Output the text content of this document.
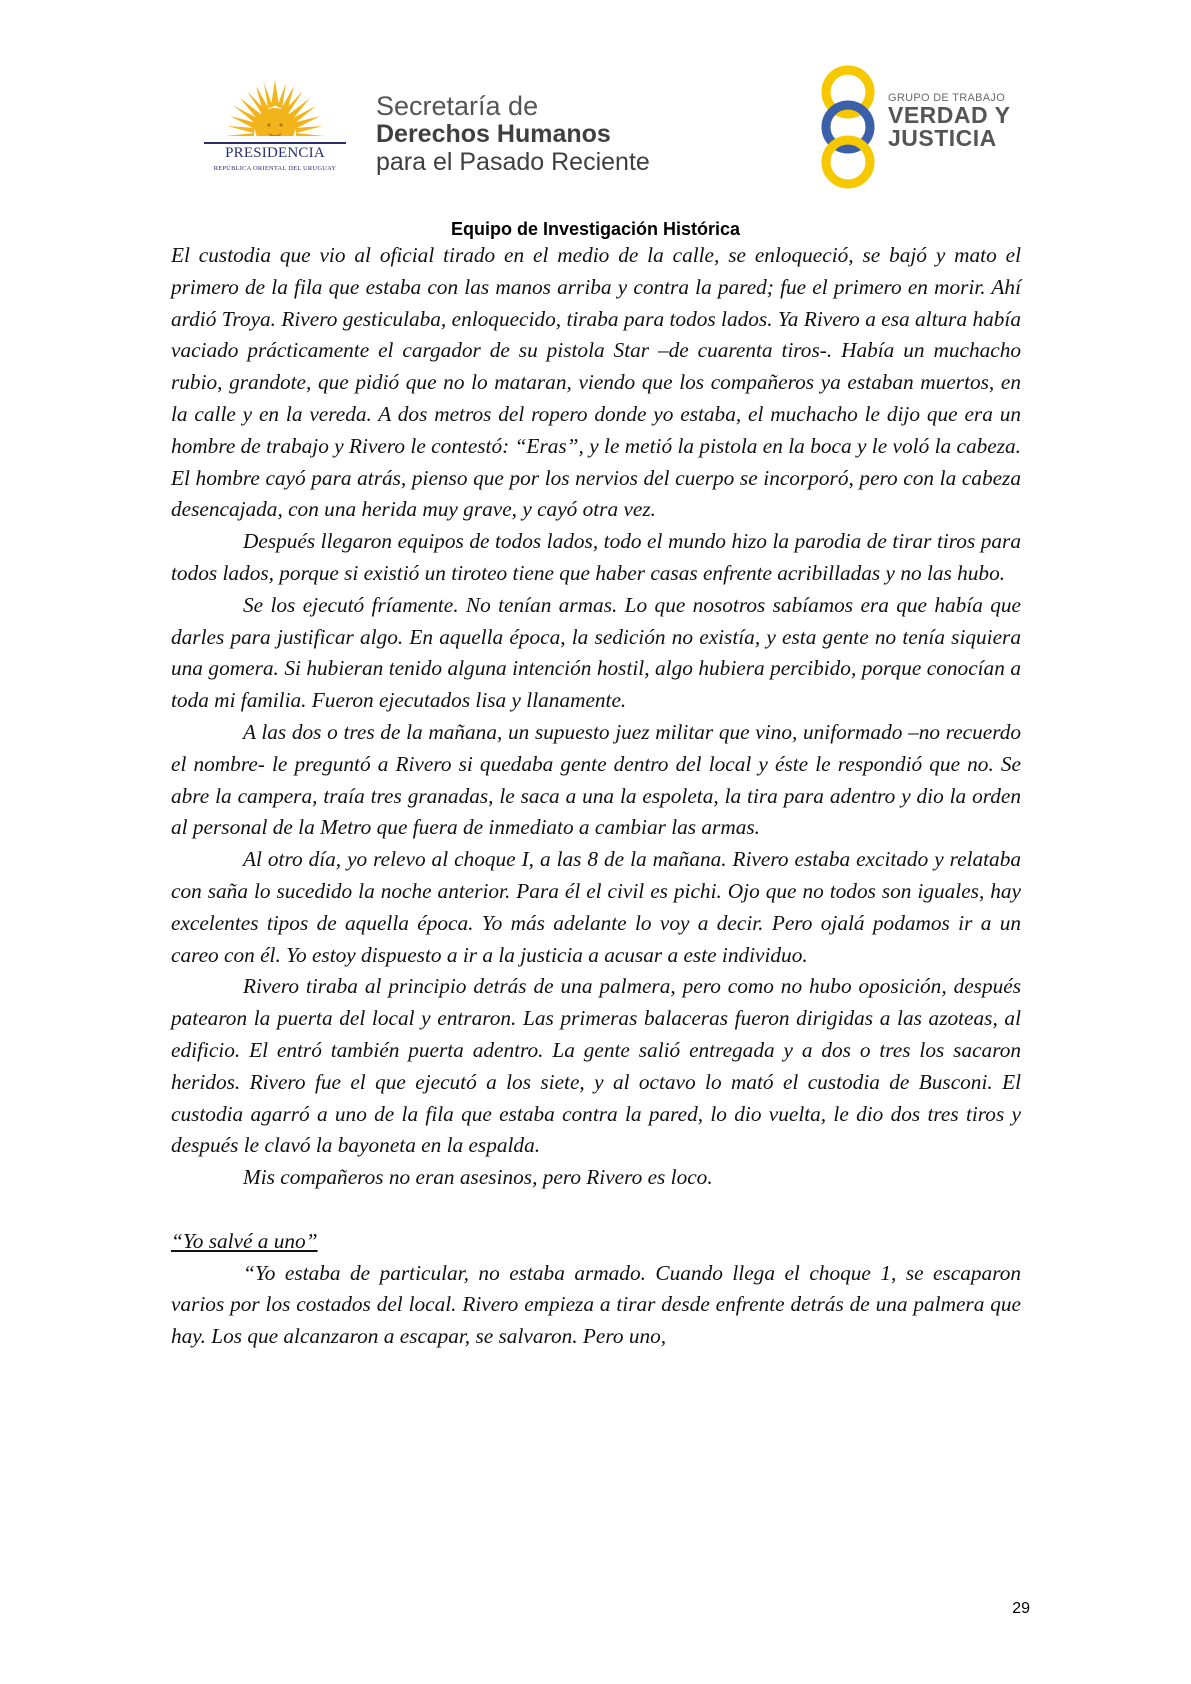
PRESIDENCIA
REPÚBLICA ORIENTAL DEL URUGUAY
Secretaría de
Derechos Humanos
para el Pasado Reciente
GRUPO DE TRABAJO
VERDAD Y
JUSTICIA
Equipo de Investigación Histórica

El custodia que vio al oficial tirado en el medio de la calle, se enloqueció, se bajó y mato el primero de la fila que estaba con las manos arriba y contra la pared; fue el primero en morir. Ahí ardió Troya. Rivero gesticulaba, enloquecido, tiraba para todos lados. Ya Rivero a esa altura había vaciado prácticamente el cargador de su pistola Star –de cuarenta tiros-. Había un muchacho rubio, grandote, que pidió que no lo mataran, viendo que los compañeros ya estaban muertos, en la calle y en la vereda. A dos metros del ropero donde yo estaba, el muchacho le dijo que era un hombre de trabajo y Rivero le contestó: “Eras”, y le metió la pistola en la boca y le voló la cabeza. El hombre cayó para atrás, pienso que por los nervios del cuerpo se incorporó, pero con la cabeza desencajada, con una herida muy grave, y cayó otra vez.

Después llegaron equipos de todos lados, todo el mundo hizo la parodia de tirar tiros para todos lados, porque si existió un tiroteo tiene que haber casas enfrente acribilladas y no las hubo.

Se los ejecutó fríamente. No tenían armas. Lo que nosotros sabíamos era que había que darles para justificar algo. En aquella época, la sedición no existía, y esta gente no tenía siquiera una gomera. Si hubieran tenido alguna intención hostil, algo hubiera percibido, porque conocían a toda mi familia. Fueron ejecutados lisa y llanamente.

A las dos o tres de la mañana, un supuesto juez militar que vino, uniformado –no recuerdo el nombre- le preguntó a Rivero si quedaba gente dentro del local y éste le respondió que no. Se abre la campera, traía tres granadas, le saca a una la espoleta, la tira para adentro y dio la orden al personal de la Metro que fuera de inmediato a cambiar las armas.

Al otro día, yo relevo al choque I, a las 8 de la mañana. Rivero estaba excitado y relataba con saña lo sucedido la noche anterior. Para él el civil es pichi. Ojo que no todos son iguales, hay excelentes tipos de aquella época. Yo más adelante lo voy a decir. Pero ojalá podamos ir a un careo con él. Yo estoy dispuesto a ir a la justicia a acusar a este individuo.

Rivero tiraba al principio detrás de una palmera, pero como no hubo oposición, después patearon la puerta del local y entraron. Las primeras balaceras fueron dirigidas a las azoteas, al edificio. El entró también puerta adentro. La gente salió entregada y a dos o tres los sacaron heridos. Rivero fue el que ejecutó a los siete, y al octavo lo mató el custodia de Busconi. El custodia agarró a uno de la fila que estaba contra la pared, lo dio vuelta, le dio dos tres tiros y después le clavó la bayoneta en la espalda.

Mis compañeros no eran asesinos, pero Rivero es loco.

“Yo salvé a uno”

“Yo estaba de particular, no estaba armado. Cuando llega el choque 1, se escaparon varios por los costados del local. Rivero empieza a tirar desde enfrente detrás de una palmera que hay. Los que alcanzaron a escapar, se salvaron. Pero uno,

29
